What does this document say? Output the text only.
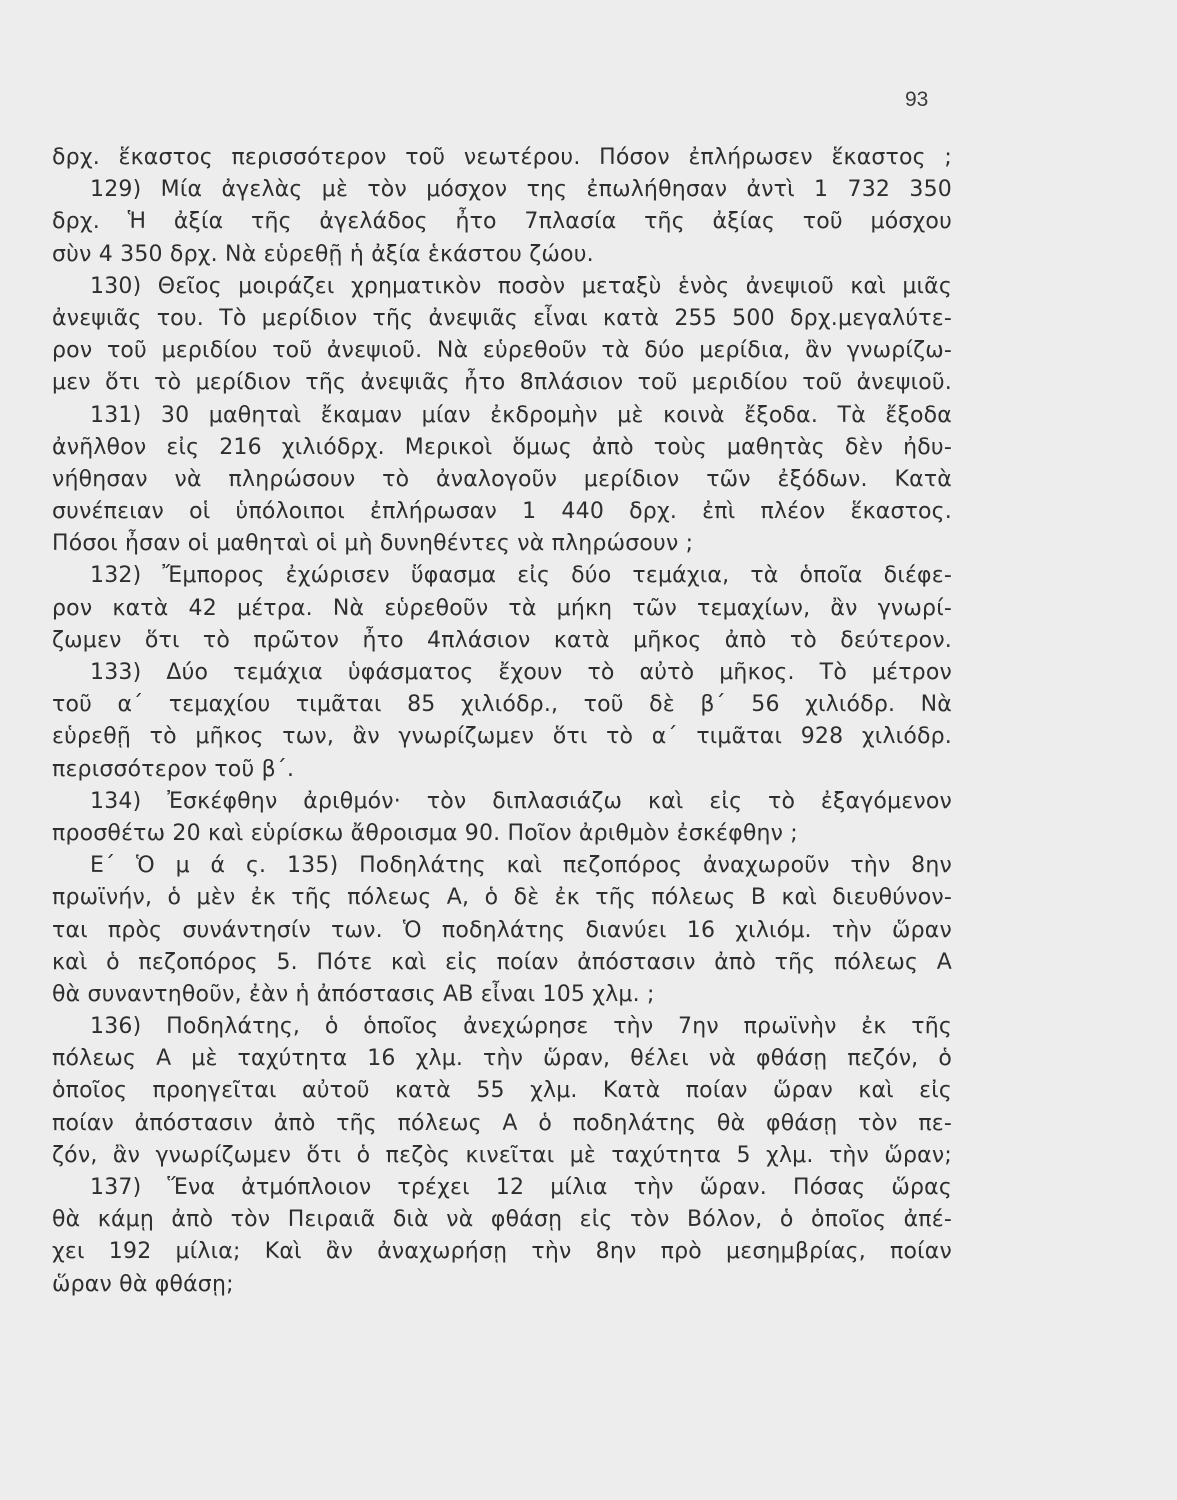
93
δρχ. ἕκαστος περισσότερον τοῦ νεωτέρου. Πόσον ἐπλήρωσεν ἕκαστος ;
129) Μία ἀγελὰς μὲ τὸν μόσχον της ἐπωλήθησαν ἀντὶ 1 732 350
δρχ. Ἡ ἀξία τῆς ἀγελάδος ἦτο 7πλασία τῆς ἀξίας τοῦ μόσχου
σὺν 4 350 δρχ. Νὰ εὑρεθῇ ἡ ἀξία ἑκάστου ζώου.
130) Θεῖος μοιράζει χρηματικὸν ποσὸν μεταξὺ ἑνὸς ἀνεψιοῦ καὶ μιᾶς
ἀνεψιᾶς του. Τὸ μερίδιον τῆς ἀνεψιᾶς εἶναι κατὰ 255 500 δρχ.μεγαλύτε-
ρον τοῦ μεριδίου τοῦ ἀνεψιοῦ. Νὰ εὑρεθοῦν τὰ δύο μερίδια, ἂν γνωρίζω-
μεν ὅτι τὸ μερίδιον τῆς ἀνεψιᾶς ἦτο 8πλάσιον τοῦ μεριδίου τοῦ ἀνεψιοῦ.
131) 30 μαθηταὶ ἔκαμαν μίαν ἐκδρομὴν μὲ κοινὰ ἔξοδα. Τὰ ἔξοδα
ἀνῆλθον εἰς 216 χιλιόδρχ. Μερικοὶ ὅμως ἀπὸ τοὺς μαθητὰς δὲν ἠδυ-
νήθησαν νὰ πληρώσουν τὸ ἀναλογοῦν μερίδιον τῶν ἐξόδων. Κατὰ
συνέπειαν οἱ ὑπόλοιποι ἐπλήρωσαν 1 440 δρχ. ἐπὶ πλέον ἕκαστος.
Πόσοι ἦσαν οἱ μαθηταὶ οἱ μὴ δυνηθέντες νὰ πληρώσουν ;
132) Ἔμπορος ἐχώρισεν ὕφασμα εἰς δύο τεμάχια, τὰ ὁποῖα διέφε-
ρον κατὰ 42 μέτρα. Νὰ εὑρεθοῦν τὰ μήκη τῶν τεμαχίων, ἂν γνωρί-
ζωμεν ὅτι τὸ πρῶτον ἦτο 4πλάσιον κατὰ μῆκος ἀπὸ τὸ δεύτερον.
133) Δύο τεμάχια ὑφάσματος ἔχουν τὸ αὐτὸ μῆκος. Τὸ μέτρον
τοῦ α΄ τεμαχίου τιμᾶται 85 χιλιόδρ., τοῦ δὲ β΄ 56 χιλιόδρ. Νὰ
εὑρεθῇ τὸ μῆκος των, ἂν γνωρίζωμεν ὅτι τὸ α΄ τιμᾶται 928 χιλιόδρ.
περισσότερον τοῦ β΄.
134) Ἐσκέφθην ἀριθμόν· τὸν διπλασιάζω καὶ εἰς τὸ ἐξαγόμενον
προσθέτω 20 καὶ εὑρίσκω ἄθροισμα 90. Ποῖον ἀριθμὸν ἐσκέφθην ;
Ε΄ Ὁ μ ά ς. 135) Ποδηλάτης καὶ πεζοπόρος ἀναχωροῦν τὴν 8ην
πρωϊνήν, ὁ μὲν ἐκ τῆς πόλεως Α, ὁ δὲ ἐκ τῆς πόλεως Β καὶ διευθύνον-
ται πρὸς συνάντησίν των. Ὁ ποδηλάτης διανύει 16 χιλιόμ. τὴν ὥραν
καὶ ὁ πεζοπόρος 5. Πότε καὶ εἰς ποίαν ἀπόστασιν ἀπὸ τῆς πόλεως Α
θὰ συναντηθοῦν, ἐὰν ἡ ἀπόστασις ΑΒ εἶναι 105 χλμ. ;
136) Ποδηλάτης, ὁ ὁποῖος ἀνεχώρησε τὴν 7ην πρωϊνὴν ἐκ τῆς
πόλεως Α μὲ ταχύτητα 16 χλμ. τὴν ὥραν, θέλει νὰ φθάσῃ πεζόν, ὁ
ὁποῖος προηγεῖται αὐτοῦ κατὰ 55 χλμ. Κατὰ ποίαν ὥραν καὶ εἰς
ποίαν ἀπόστασιν ἀπὸ τῆς πόλεως Α ὁ ποδηλάτης θὰ φθάσῃ τὸν πε-
ζόν, ἂν γνωρίζωμεν ὅτι ὁ πεζὸς κινεῖται μὲ ταχύτητα 5 χλμ. τὴν ὥραν;
137) Ἕνα ἀτμόπλοιον τρέχει 12 μίλια τὴν ὥραν. Πόσας ὥρας
θὰ κάμῃ ἀπὸ τὸν Πειραιᾶ διὰ νὰ φθάσῃ εἰς τὸν Βόλον, ὁ ὁποῖος ἀπέ-
χει 192 μίλια; Καὶ ἂν ἀναχωρήσῃ τὴν 8ην πρὸ μεσημβρίας, ποίαν
ὥραν θὰ φθάσῃ;
